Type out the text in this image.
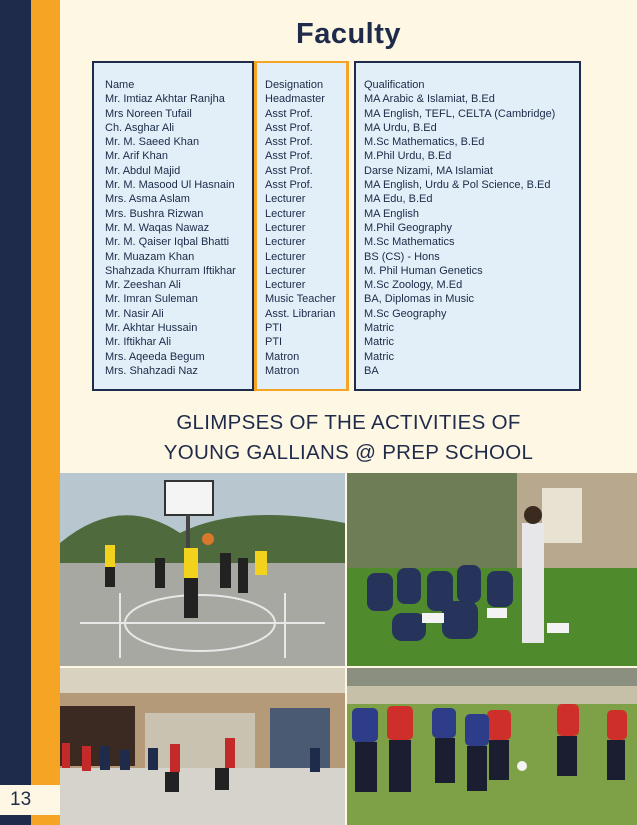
13
Faculty
Name
Mr. Imtiaz Akhtar Ranjha
Mrs Noreen Tufail
Ch. Asghar Ali
Mr. M. Saeed Khan
Mr. Arif Khan
Mr. Abdul Majid
Mr. M. Masood Ul Hasnain
Mrs. Asma Aslam
Mrs. Bushra Rizwan
Mr. M. Waqas Nawaz
Mr. M. Qaiser Iqbal Bhatti
Mr. Muazam Khan
Shahzada Khurram Iftikhar
Mr. Zeeshan Ali
Mr. Imran Suleman
Mr. Nasir Ali
Mr. Akhtar Hussain
Mr. Iftikhar Ali
Mrs. Aqeeda Begum
Mrs. Shahzadi Naz
Designation
Headmaster
Asst Prof.
Asst Prof.
Asst Prof.
Asst Prof.
Asst Prof.
Asst Prof.
Lecturer
Lecturer
Lecturer
Lecturer
Lecturer
Lecturer
Lecturer
Music Teacher
Asst. Librarian
PTI
PTI
Matron
Matron
Qualification
MA Arabic & Islamiat, B.Ed
MA English, TEFL, CELTA (Cambridge)
MA Urdu, B.Ed
M.Sc Mathematics, B.Ed
M.Phil Urdu, B.Ed
Darse Nizami, MA Islamiat
MA English, Urdu & Pol Science, B.Ed
MA Edu, B.Ed
MA English
M.Phil Geography
M.Sc Mathematics
BS (CS) - Hons
M. Phil Human Genetics
M.Sc Zoology, M.Ed
BA, Diplomas in Music
M.Sc Geography
Matric
Matric
Matric
BA
GLIMPSES OF THE ACTIVITIES OF
YOUNG GALLIANS @ PREP SCHOOL
